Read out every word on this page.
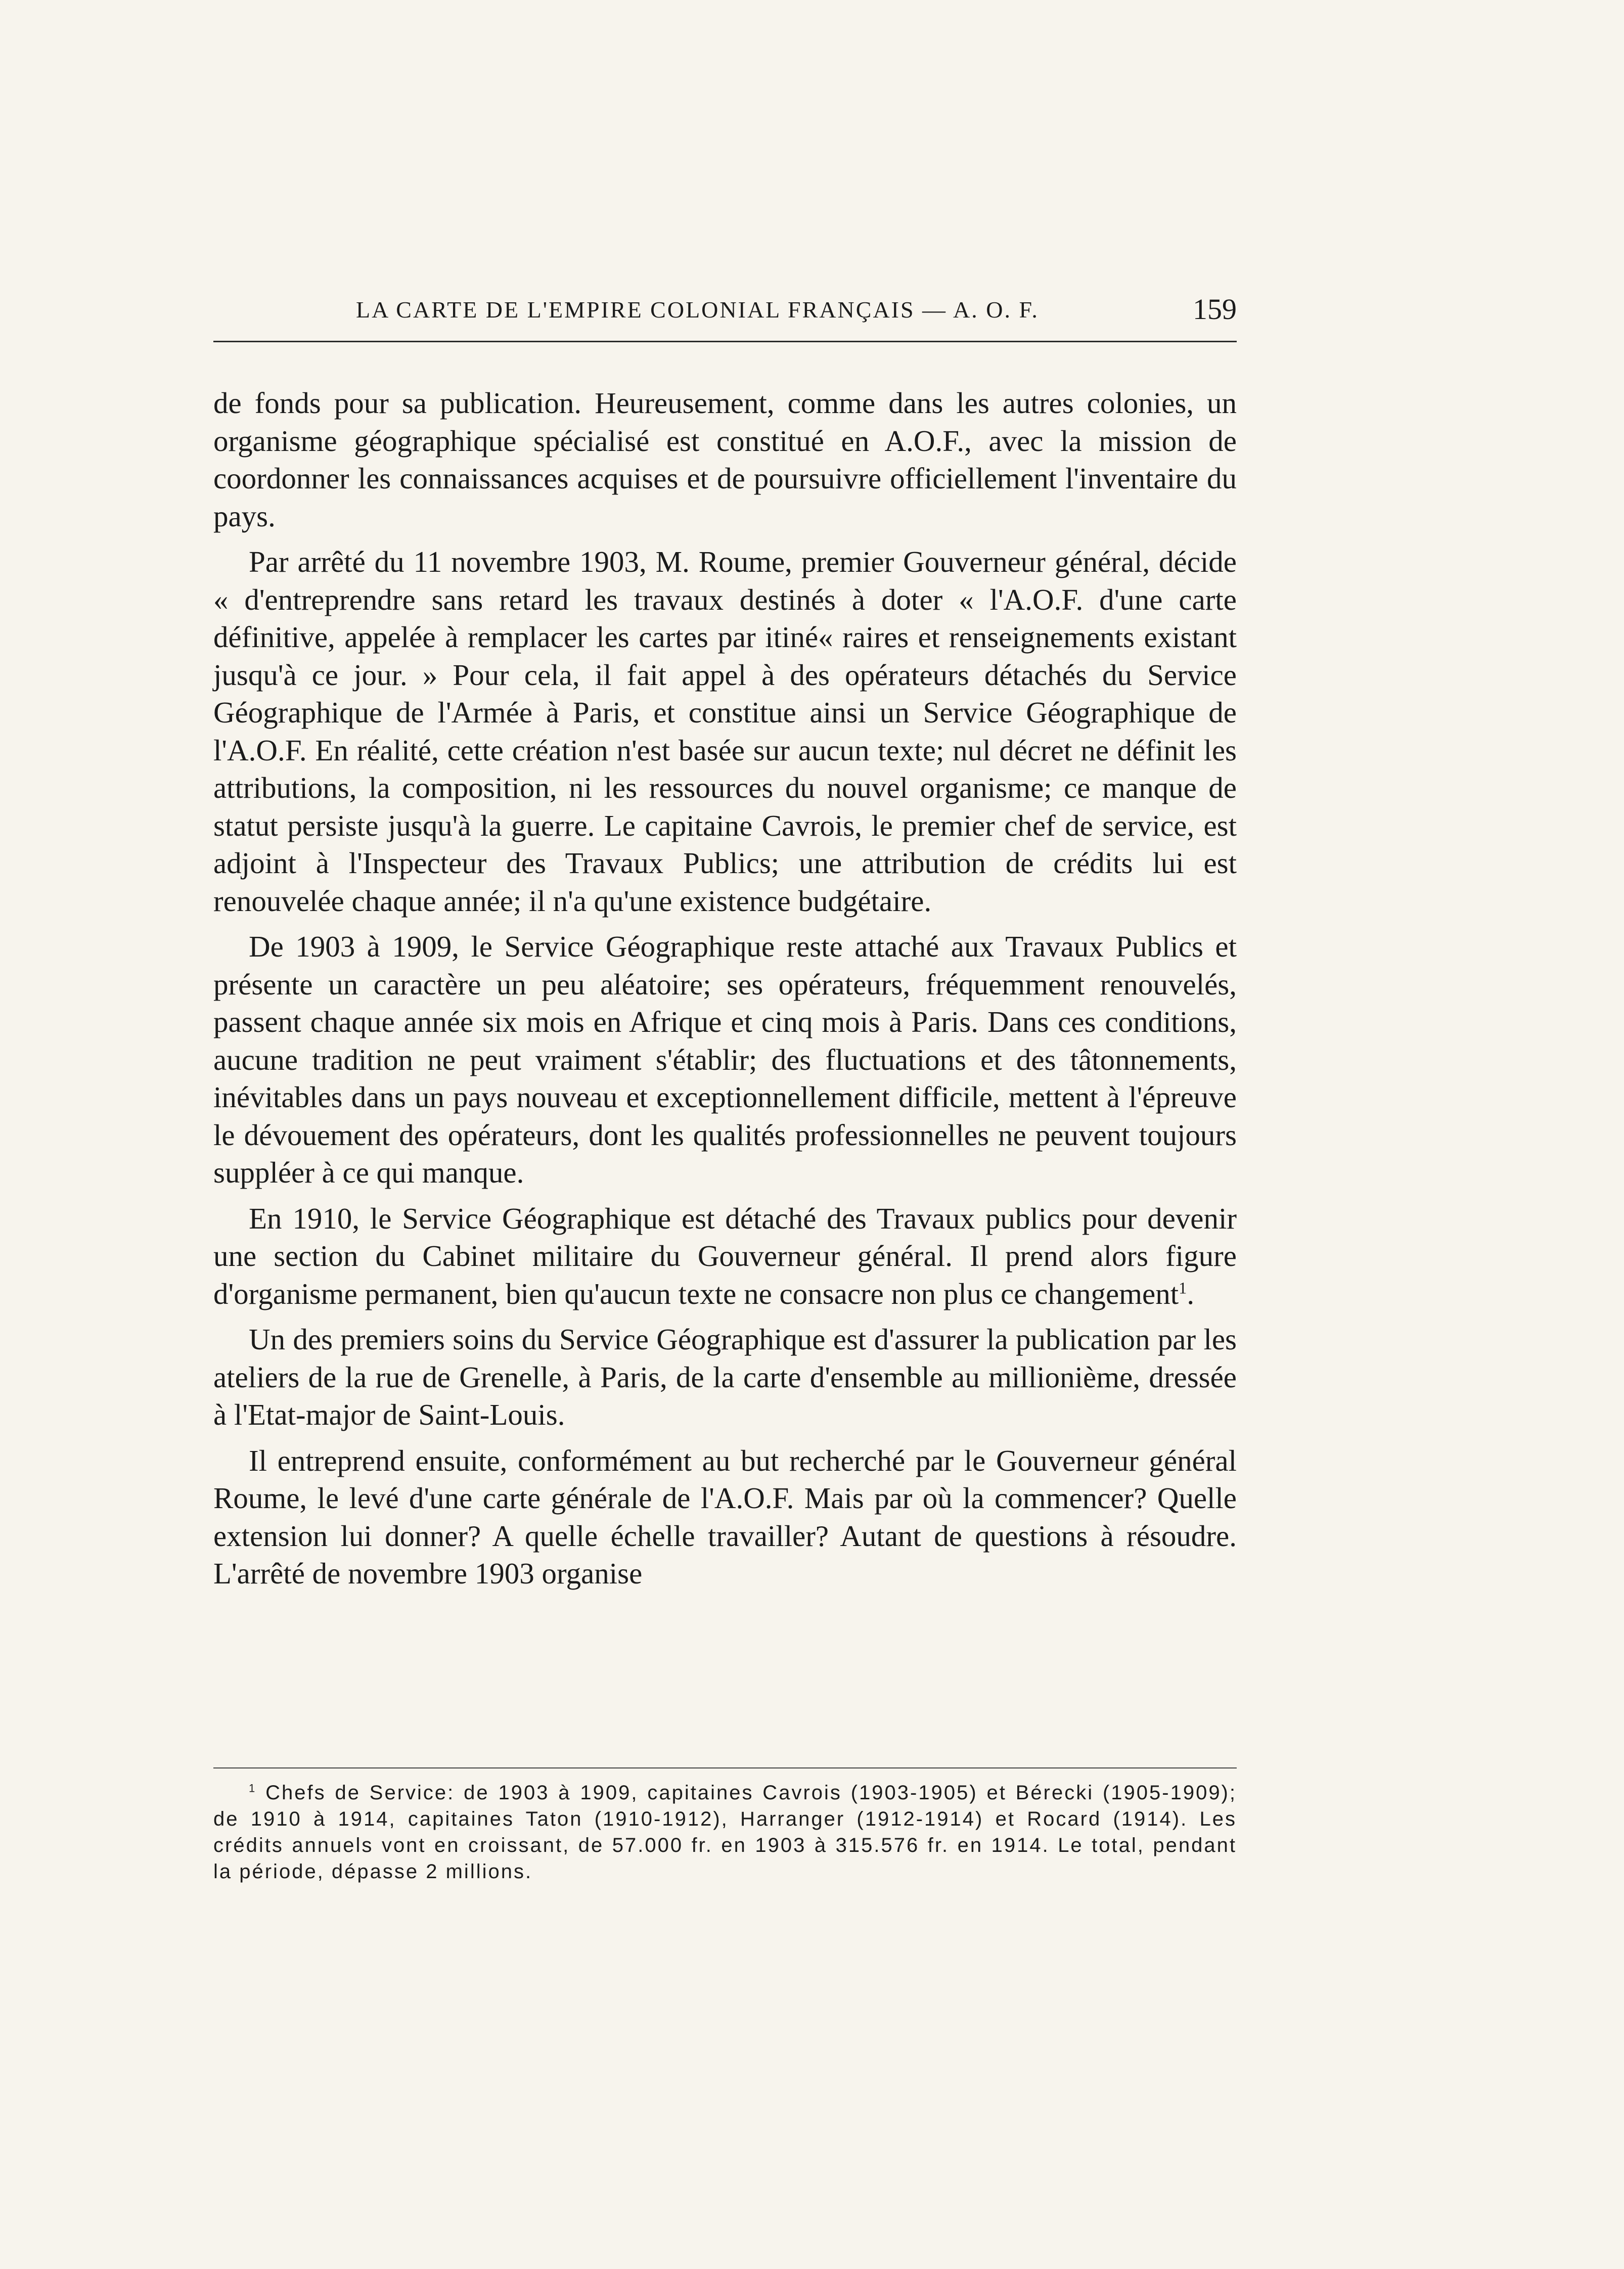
LA CARTE DE L'EMPIRE COLONIAL FRANÇAIS — A. O. F.	159

de fonds pour sa publication. Heureusement, comme dans les autres colonies, un organisme géographique spécialisé est constitué en A.O.F., avec la mission de coordonner les connaissances acquises et de poursuivre officiellement l'inventaire du pays.

Par arrêté du 11 novembre 1903, M. Roume, premier Gouverneur général, décide « d'entreprendre sans retard les travaux destinés à doter « l'A.O.F. d'une carte définitive, appelée à remplacer les cartes par itiné« raires et renseignements existant jusqu'à ce jour. » Pour cela, il fait appel à des opérateurs détachés du Service Géographique de l'Armée à Paris, et constitue ainsi un Service Géographique de l'A.O.F. En réalité, cette création n'est basée sur aucun texte; nul décret ne définit les attributions, la composition, ni les ressources du nouvel organisme; ce manque de statut persiste jusqu'à la guerre. Le capitaine Cavrois, le premier chef de service, est adjoint à l'Inspecteur des Travaux Publics; une attribution de crédits lui est renouvelée chaque année; il n'a qu'une existence budgétaire.

De 1903 à 1909, le Service Géographique reste attaché aux Travaux Publics et présente un caractère un peu aléatoire; ses opérateurs, fréquemment renouvelés, passent chaque année six mois en Afrique et cinq mois à Paris. Dans ces conditions, aucune tradition ne peut vraiment s'établir; des fluctuations et des tâtonnements, inévitables dans un pays nouveau et exceptionnellement difficile, mettent à l'épreuve le dévouement des opérateurs, dont les qualités professionnelles ne peuvent toujours suppléer à ce qui manque.

En 1910, le Service Géographique est détaché des Travaux publics pour devenir une section du Cabinet militaire du Gouverneur général. Il prend alors figure d'organisme permanent, bien qu'aucun texte ne consacre non plus ce changement$^1$.

Un des premiers soins du Service Géographique est d'assurer la publication par les ateliers de la rue de Grenelle, à Paris, de la carte d'ensemble au millionième, dressée à l'Etat-major de Saint-Louis.

Il entreprend ensuite, conformément au but recherché par le Gouverneur général Roume, le levé d'une carte générale de l'A.O.F. Mais par où la commencer? Quelle extension lui donner? A quelle échelle travailler? Autant de questions à résoudre. L'arrêté de novembre 1903 organise

$^1$ Chefs de Service: de 1903 à 1909, capitaines Cavrois (1903-1905) et Bérecki (1905-1909); de 1910 à 1914, capitaines Taton (1910-1912), Harranger (1912-1914) et Rocard (1914). Les crédits annuels vont en croissant, de 57.000 fr. en 1903 à 315.576 fr. en 1914. Le total, pendant la période, dépasse 2 millions.
